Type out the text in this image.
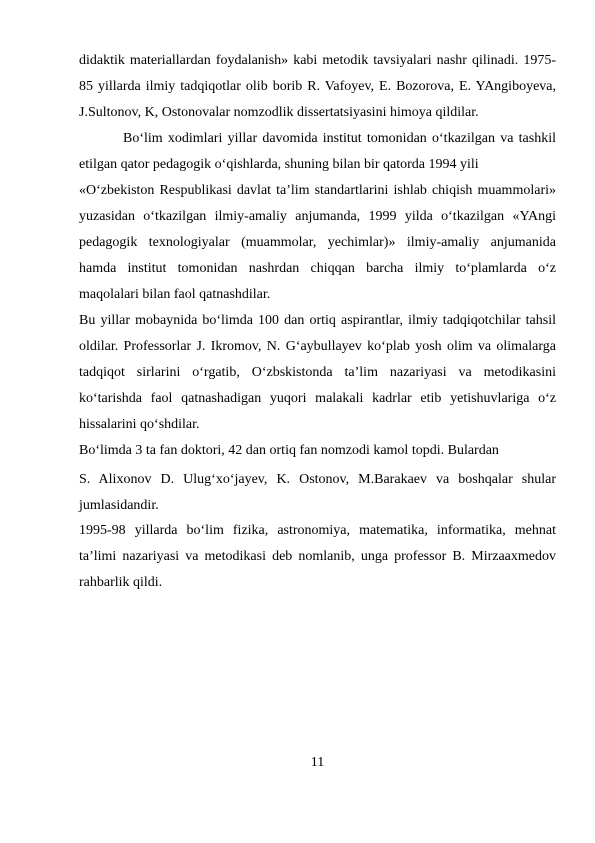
didaktik materiallardan foydalanish» kabi metodik tavsiyalari nashr qilinadi. 1975-
85 yillarda ilmiy tadqiqotlar olib borib R. Vafoyev, E. Bozorova, E. YAngiboyeva,
J.Sultonov, K, Ostonovalar nomzodlik dissertatsiyasini himoya qildilar.
Bo‘lim xodimlari yillar davomida institut tomonidan o‘tkazilgan va tashkil
etilgan qator pedagogik o‘qishlarda, shuning bilan bir qatorda 1994 yili
«O‘zbekiston Respublikasi davlat ta’lim standartlarini ishlab chiqish muammolari»
yuzasidan o‘tkazilgan ilmiy-amaliy anjumanda, 1999 yilda o‘tkazilgan «YAngi
pedagogik texnologiyalar (muammolar, yechimlar)» ilmiy-amaliy anjumanida
hamda institut tomonidan nashrdan chiqqan barcha ilmiy to‘plamlarda o‘z
maqolalari bilan faol qatnashdilar.
Bu yillar mobaynida bo‘limda 100 dan ortiq aspirantlar, ilmiy tadqiqotchilar tahsil
oldilar. Professorlar J. Ikromov, N. G‘aybullayev ko‘plab yosh olim va olimalarga
tadqiqot sirlarini o‘rgatib, O‘zbskistonda ta’lim nazariyasi va metodikasini
ko‘tarishda faol qatnashadigan yuqori malakali kadrlar etib yetishuvlariga o‘z
hissalarini qo‘shdilar.
Bo‘limda 3 ta fan doktori, 42 dan ortiq fan nomzodi kamol topdi. Bulardan
S. Alixonov D. Ulug‘xo‘jayev, K. Ostonov, M.Barakaev va boshqalar shular
jumlasidandir.
1995-98 yillarda bo‘lim fizika, astronomiya, matematika, informatika, mehnat
ta’limi nazariyasi va metodikasi deb nomlanib, unga professor B. Mirzaaxmedov
rahbarlik qildi.
11
